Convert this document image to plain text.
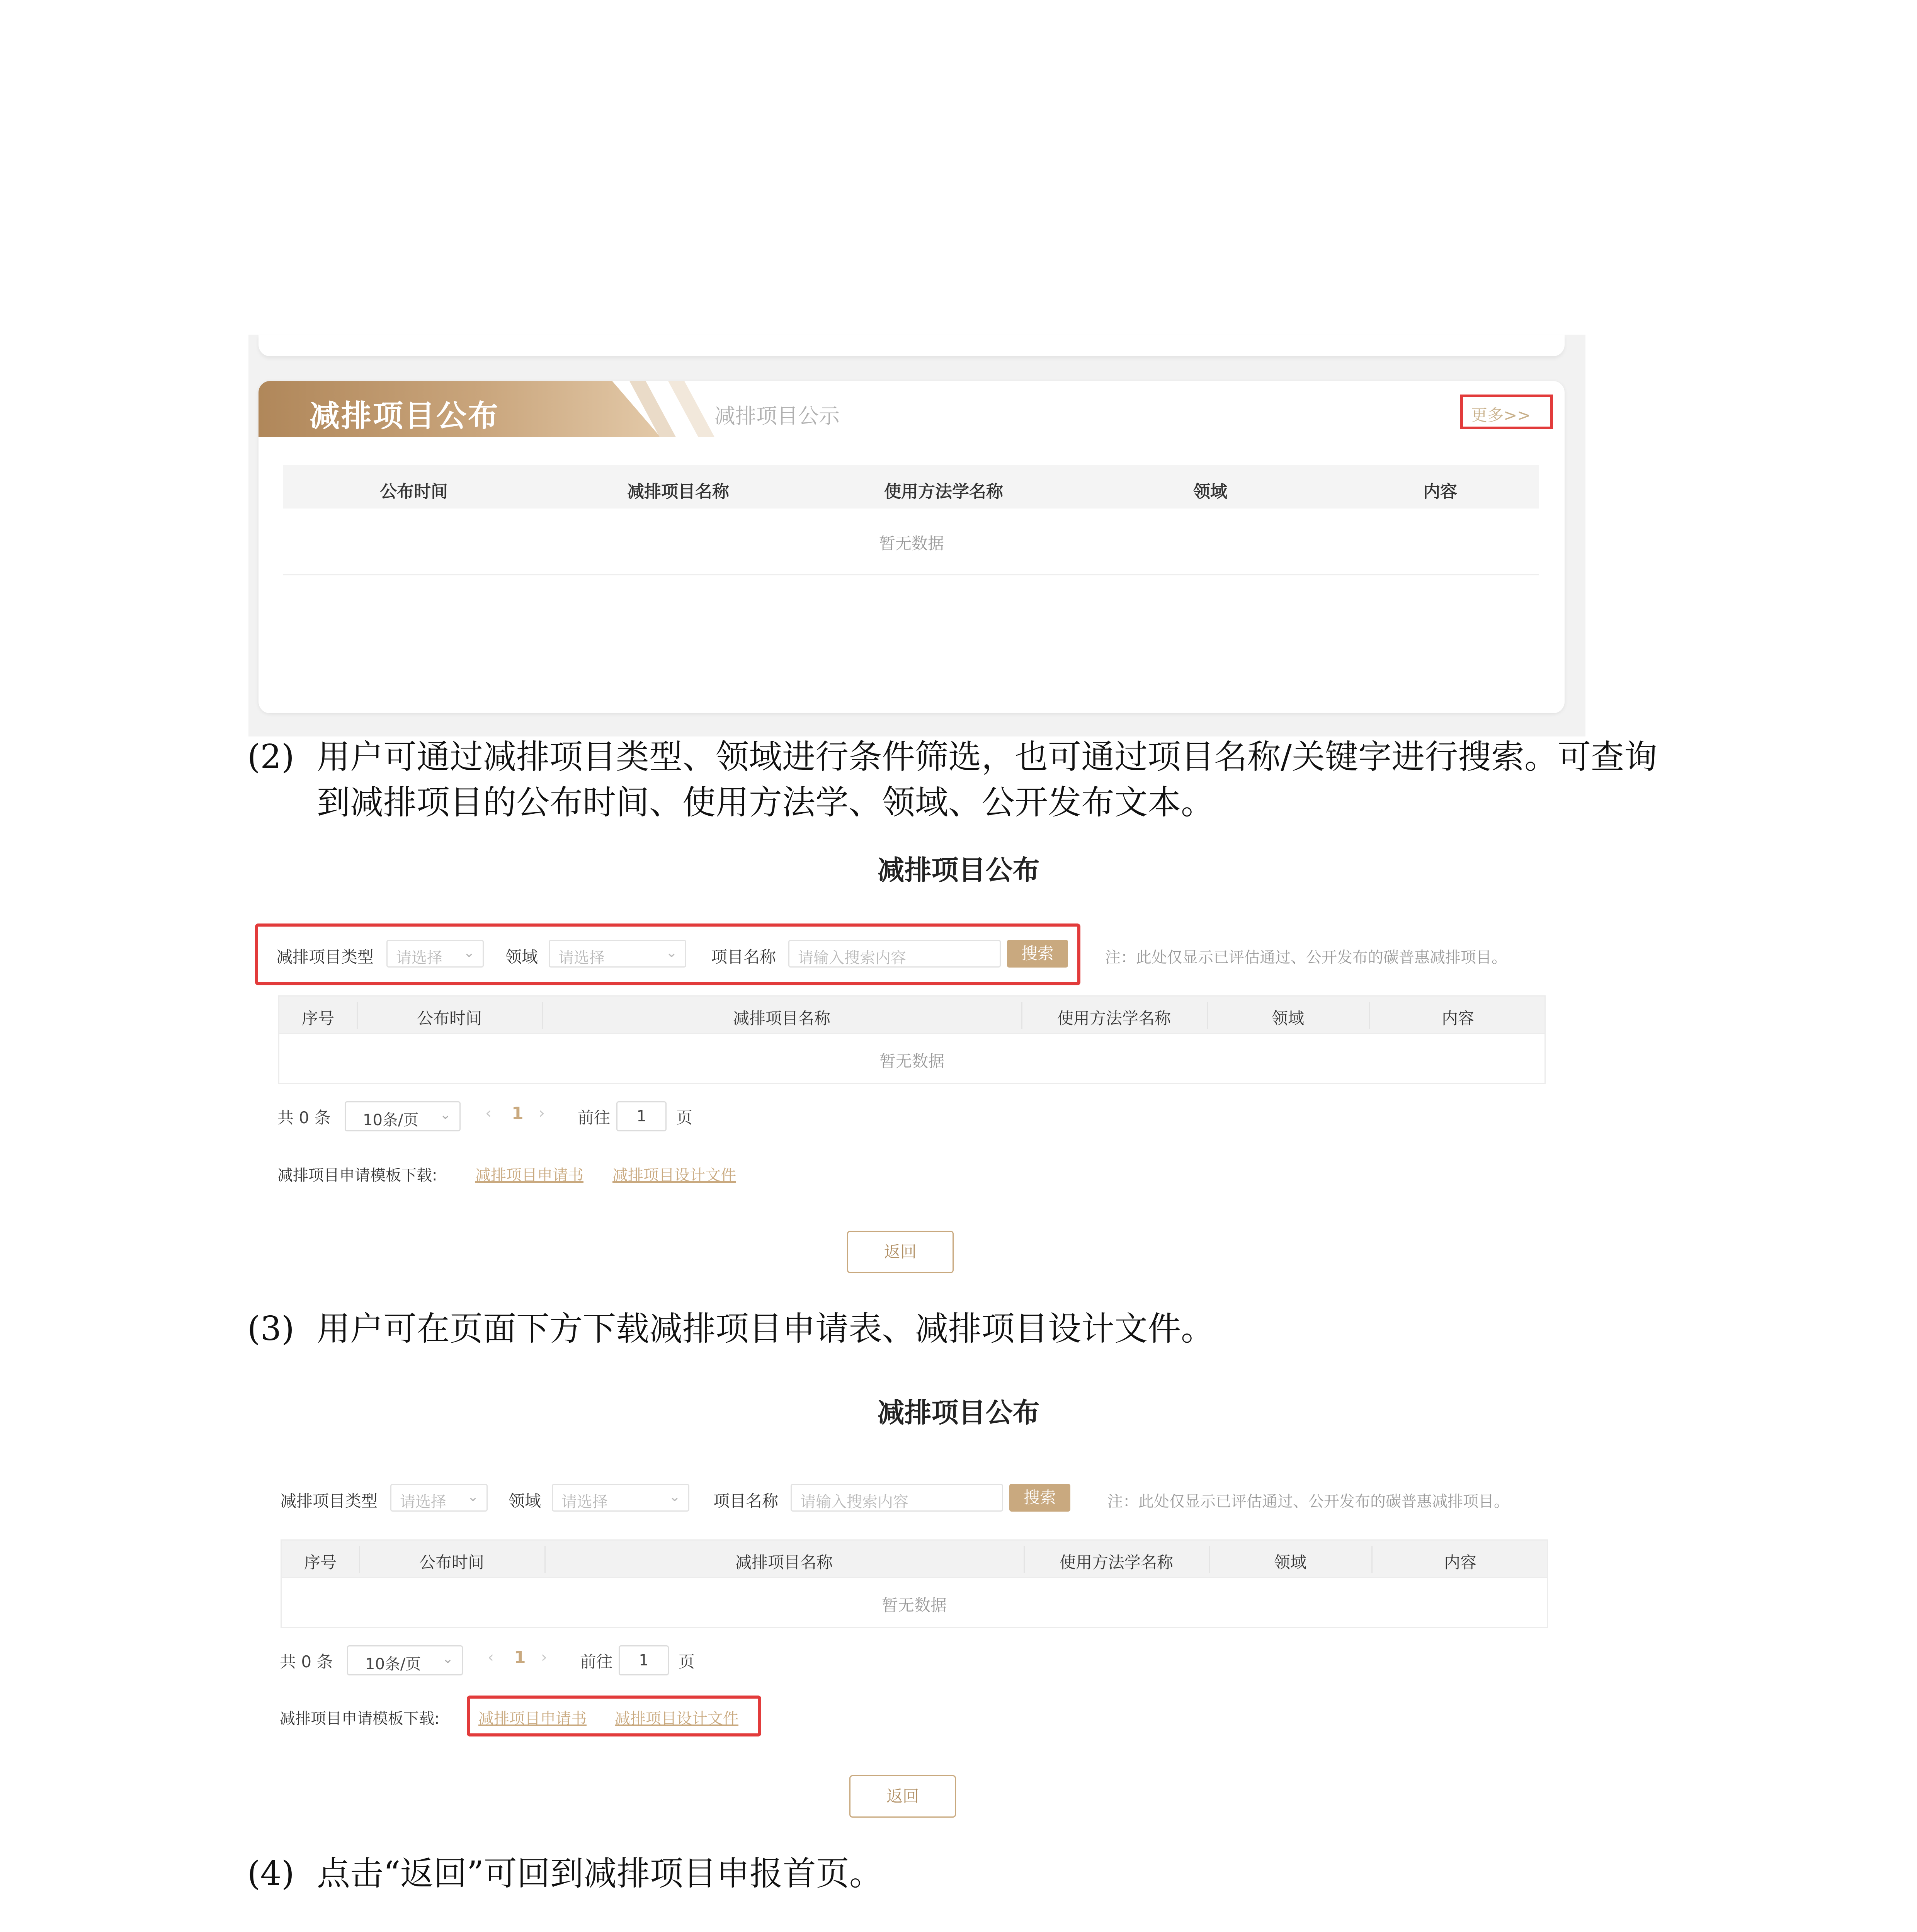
减排项目公布	减排项目公示	更多>>
公布时间	减排项目名称	使用方法学名称	领域	内容
暂无数据
(2) 用户可通过减排项目类型、领域进行条件筛选，也可通过项目名称/关键字进行搜索。可查询
到减排项目的公布时间、使用方法学、领域、公开发布文本。
减排项目公布
减排项目类型 请选择 ⌄ 领域 请选择	⌄ 项目名称 请输入搜索内容	搜索	注：此处仅显示已评估通过、公开发布的碳普惠减排项目。
序号	公布时间	减排项目名称	使用方法学名称	领域	内容
暂无数据
共 0 条 10条/页 ⌄ ‹ 1 › 前往	1	页
减排项目申请模板下载: 减排项目申请书 减排项目设计文件
返回
(3) 用户可在页面下方下载减排项目申请表、减排项目设计文件。
减排项目公布
减排项目类型 请选择 ⌄ 领域 请选择	⌄ 项目名称 请输入搜索内容	搜索	注：此处仅显示已评估通过、公开发布的碳普惠减排项目。
序号	公布时间	减排项目名称	使用方法学名称	领域	内容
暂无数据
共 0 条 10条/页 ⌄ ‹ 1 › 前往	1	页
减排项目申请模板下载:	减排项目申请书 减排项目设计文件
返回
(4) 点击“返回”可回到减排项目申报首页。
